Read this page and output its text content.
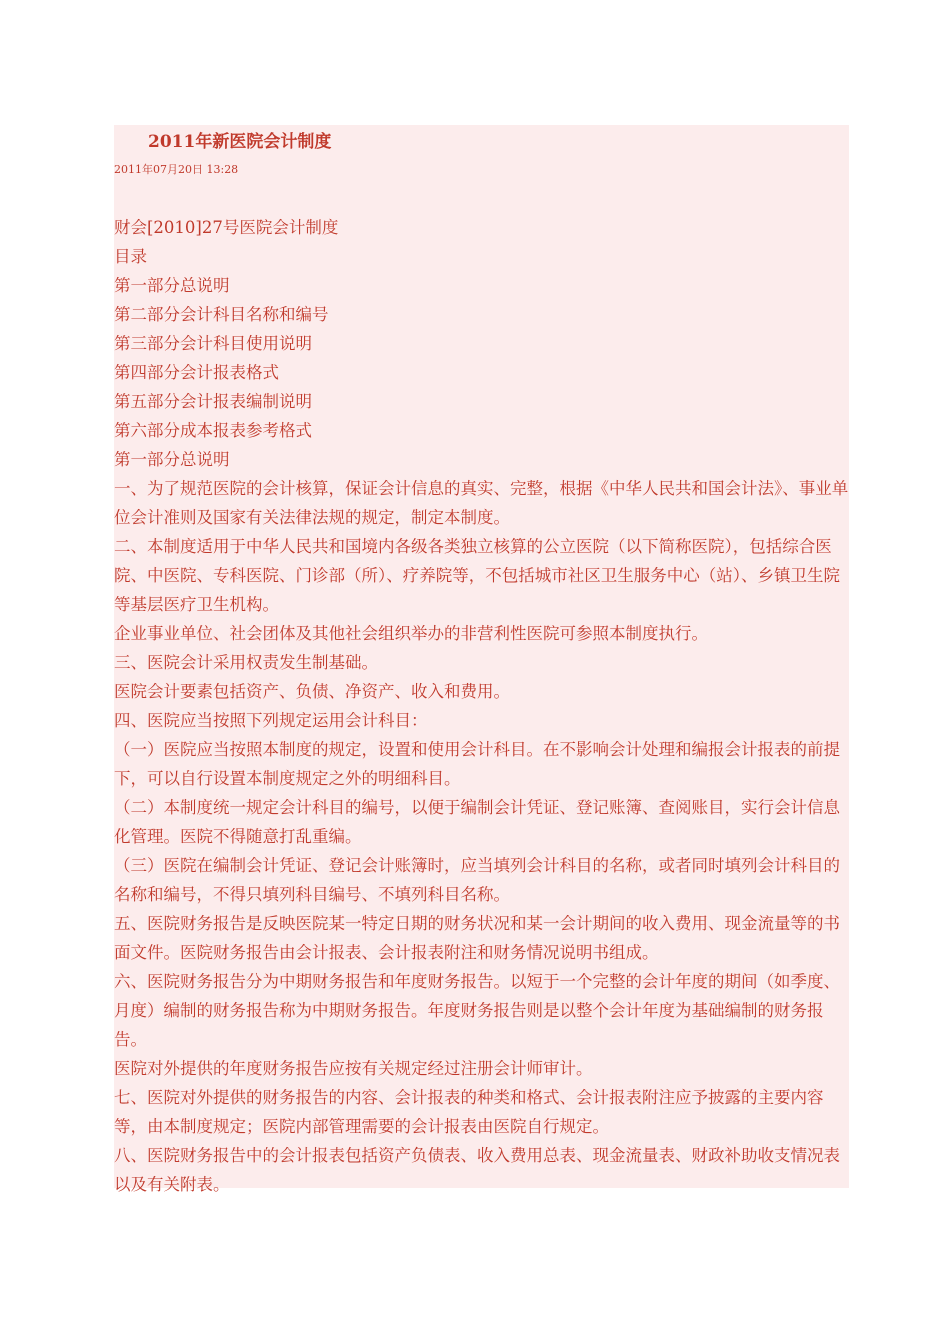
2011年新医院会计制度
2011年07月20日 13:28

财会[2010]27号医院会计制度

目录

第一部分总说明

第二部分会计科目名称和编号

第三部分会计科目使用说明

第四部分会计报表格式

第五部分会计报表编制说明

第六部分成本报表参考格式

第一部分总说明

一、为了规范医院的会计核算，保证会计信息的真实、完整，根据《中华人民共和国会计法》、事业单位会计准则及国家有关法律法规的规定，制定本制度。

二、本制度适用于中华人民共和国境内各级各类独立核算的公立医院（以下简称医院），包括综合医院、中医院、专科医院、门诊部（所）、疗养院等，不包括城市社区卫生服务中心（站）、乡镇卫生院等基层医疗卫生机构。

企业事业单位、社会团体及其他社会组织举办的非营利性医院可参照本制度执行。

三、医院会计采用权责发生制基础。

医院会计要素包括资产、负债、净资产、收入和费用。

四、医院应当按照下列规定运用会计科目：

（一）医院应当按照本制度的规定，设置和使用会计科目。在不影响会计处理和编报会计报表的前提下，可以自行设置本制度规定之外的明细科目。

（二）本制度统一规定会计科目的编号，以便于编制会计凭证、登记账簿、查阅账目，实行会计信息化管理。医院不得随意打乱重编。

（三）医院在编制会计凭证、登记会计账簿时，应当填列会计科目的名称，或者同时填列会计科目的名称和编号，不得只填列科目编号、不填列科目名称。

五、医院财务报告是反映医院某一特定日期的财务状况和某一会计期间的收入费用、现金流量等的书面文件。医院财务报告由会计报表、会计报表附注和财务情况说明书组成。

六、医院财务报告分为中期财务报告和年度财务报告。以短于一个完整的会计年度的期间（如季度、月度）编制的财务报告称为中期财务报告。年度财务报告则是以整个会计年度为基础编制的财务报告。

医院对外提供的年度财务报告应按有关规定经过注册会计师审计。

七、医院对外提供的财务报告的内容、会计报表的种类和格式、会计报表附注应予披露的主要内容等，由本制度规定；医院内部管理需要的会计报表由医院自行规定。

八、医院财务报告中的会计报表包括资产负债表、收入费用总表、现金流量表、财政补助收支情况表以及有关附表。
